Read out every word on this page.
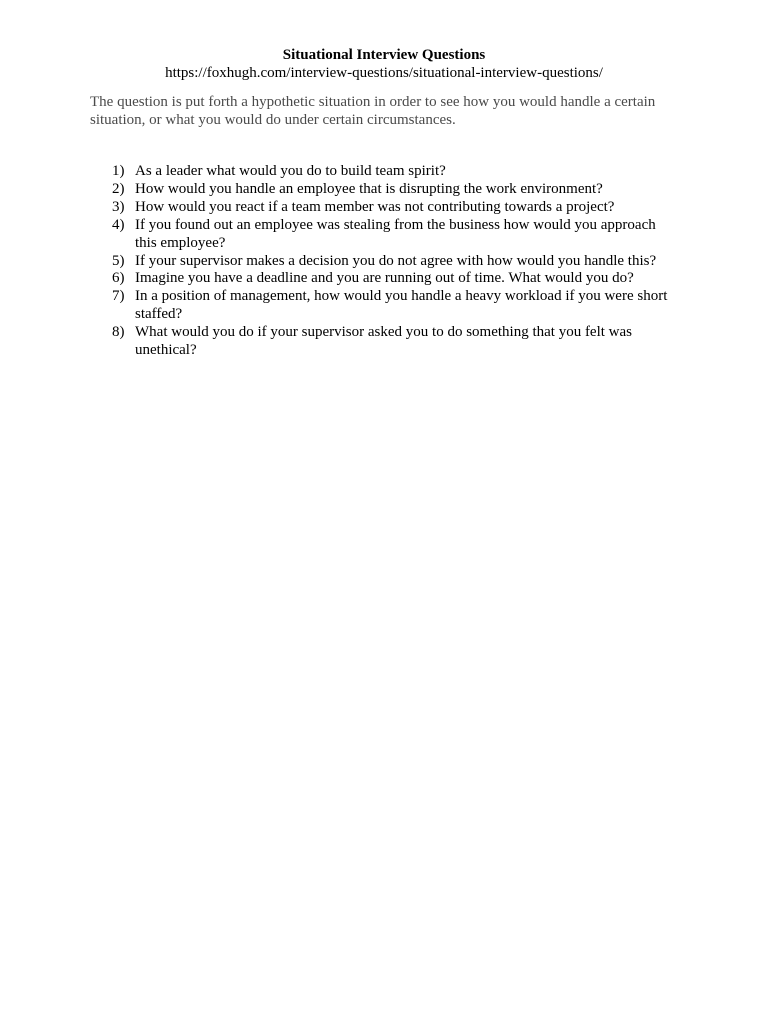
Situational Interview Questions

https://foxhugh.com/interview-questions/situational-interview-questions/

The question is put forth a hypothetic situation in order to see how you would handle a certain situation, or what you would do under certain circumstances.

1) As a leader what would you do to build team spirit?
2) How would you handle an employee that is disrupting the work environment?
3) How would you react if a team member was not contributing towards a project?
4) If you found out an employee was stealing from the business how would you approach this employee?
5) If your supervisor makes a decision you do not agree with how would you handle this?
6) Imagine you have a deadline and you are running out of time. What would you do?
7) In a position of management, how would you handle a heavy workload if you were short staffed?
8) What would you do if your supervisor asked you to do something that you felt was unethical?
